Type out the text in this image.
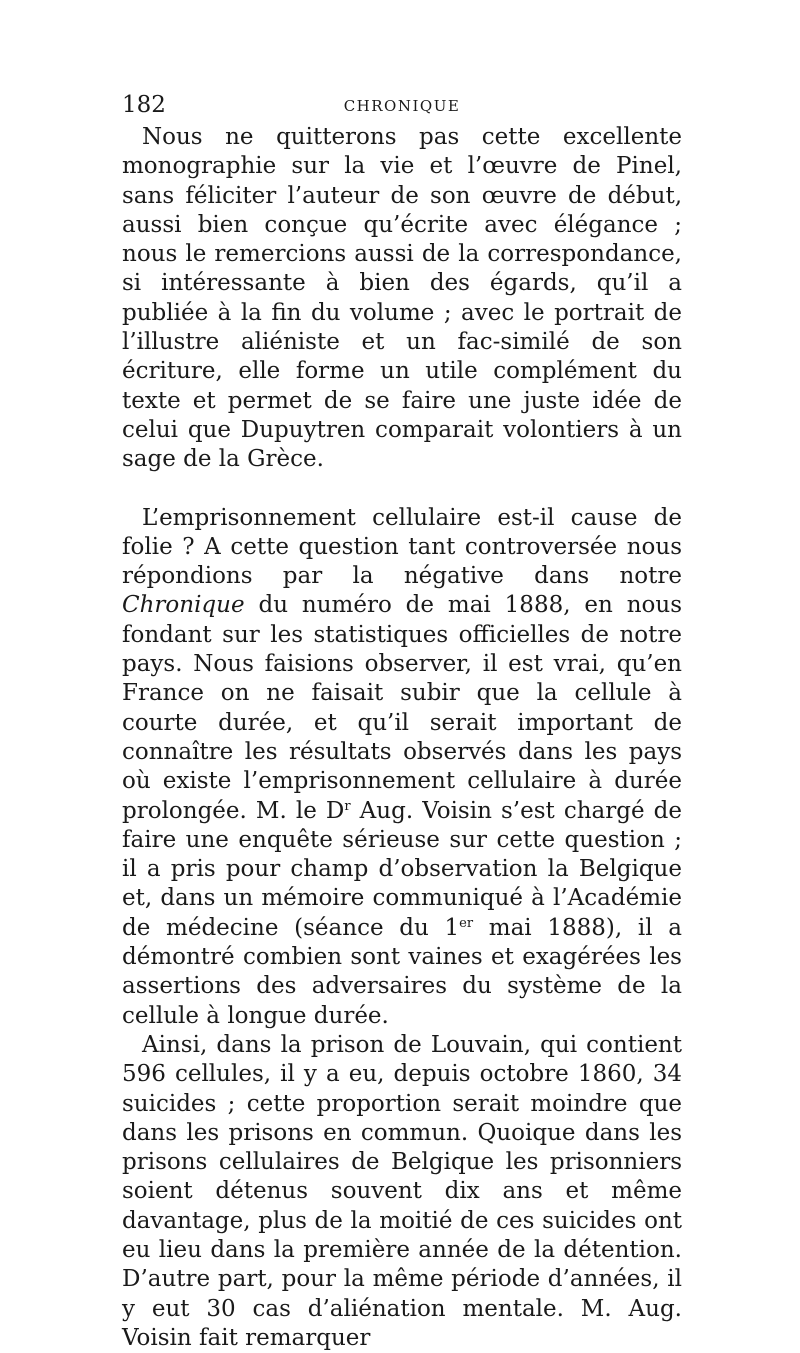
182	CHRONIQUE

Nous ne quitterons pas cette excellente monographie sur la vie et l’œuvre de Pinel, sans féliciter l’auteur de son œuvre de début, aussi bien conçue qu’écrite avec élégance ; nous le remercions aussi de la correspondance, si intéressante à bien des égards, qu’il a publiée à la fin du volume ; avec le portrait de l’illustre aliéniste et un fac-similé de son écriture, elle forme un utile complément du texte et permet de se faire une juste idée de celui que Dupuytren comparait volontiers à un sage de la Grèce.

L’emprisonnement cellulaire est-il cause de folie ? A cette question tant controversée nous répondions par la négative dans notre Chronique du numéro de mai 1888, en nous fondant sur les statistiques officielles de notre pays. Nous faisions observer, il est vrai, qu’en France on ne faisait subir que la cellule à courte durée, et qu’il serait important de connaître les résultats observés dans les pays où existe l’emprisonnement cellulaire à durée prolongée. M. le $D^r$ Aug. Voisin s’est chargé de faire une enquête sérieuse sur cette question ; il a pris pour champ d’observation la Belgique et, dans un mémoire communiqué à l’Académie de médecine (séance du 1er mai 1888), il a démontré combien sont vaines et exagérées les assertions des adversaires du système de la cellule à longue durée.

Ainsi, dans la prison de Louvain, qui contient 596 cellules, il y a eu, depuis octobre 1860, 34 suicides ; cette proportion serait moindre que dans les prisons en commun. Quoique dans les prisons cellulaires de Belgique les prisonniers soient détenus souvent dix ans et même davantage, plus de la moitié de ces suicides ont eu lieu dans la première année de la détention. D’autre part, pour la même période d’années, il y eut 30 cas d’aliénation mentale. M. Aug. Voisin fait remarquer
